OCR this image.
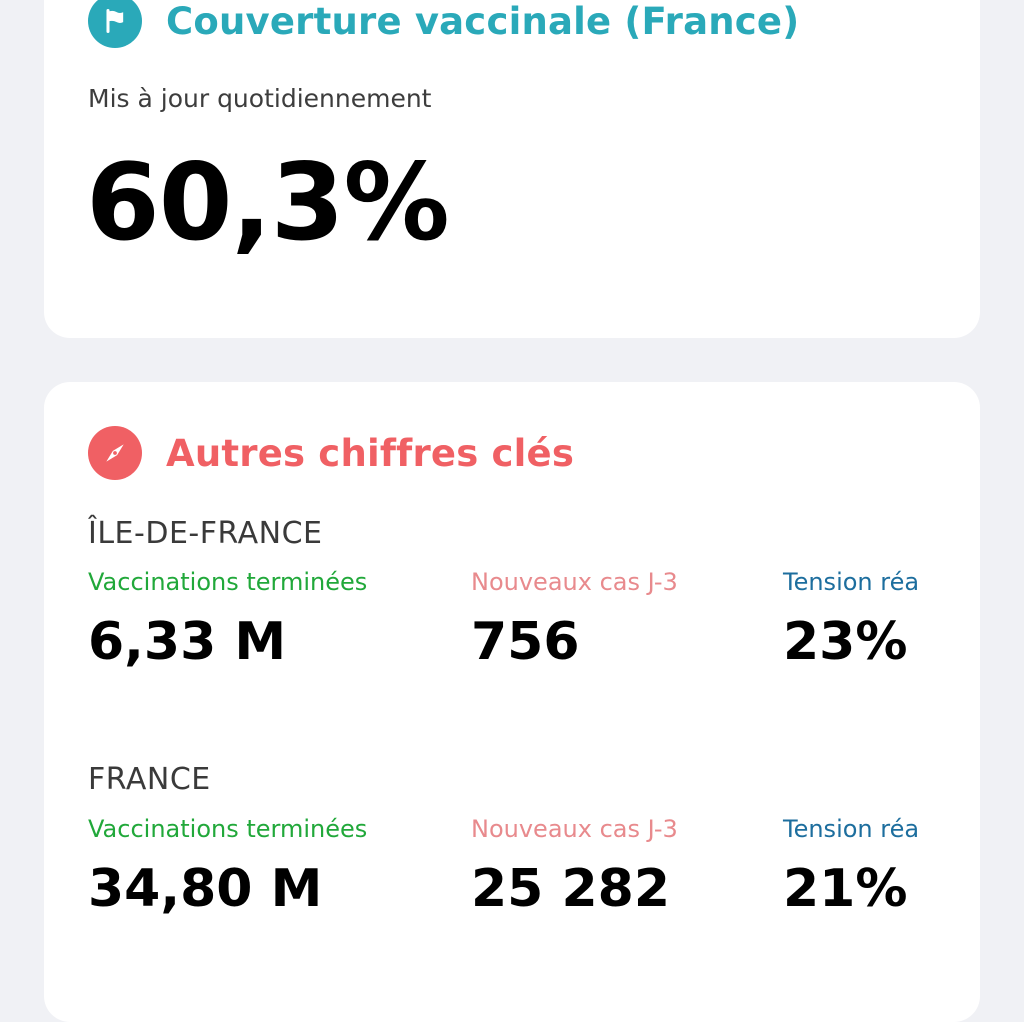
Couverture vaccinale (France)
Mis à jour quotidiennement
60,3%
Autres chiffres clés
ÎLE-DE-FRANCE
Vaccinations terminées
6,33 M
Nouveaux cas J-3
756
Tension réa
23%
FRANCE
Vaccinations terminées
34,80 M
Nouveaux cas J-3
25 282
Tension réa
21%
